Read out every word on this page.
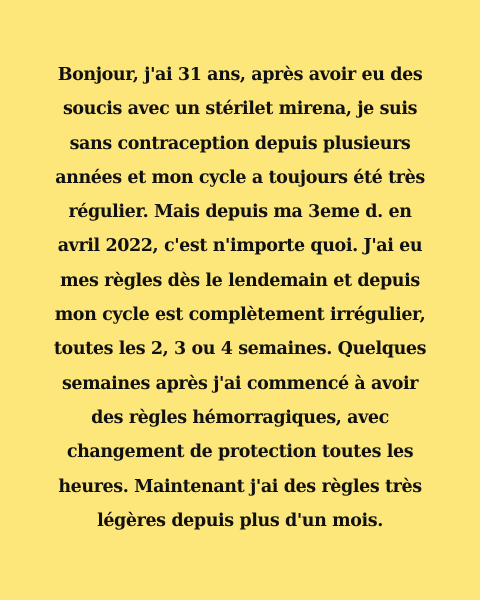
Bonjour, j'ai 31 ans, après avoir eu des
soucis avec un stérilet mirena, je suis
sans contraception depuis plusieurs
années et mon cycle a toujours été très
régulier. Mais depuis ma 3eme d. en
avril 2022, c'est n'importe quoi. J'ai eu
mes règles dès le lendemain et depuis
mon cycle est complètement irrégulier,
toutes les 2, 3 ou 4 semaines. Quelques
semaines après j'ai commencé à avoir
des règles hémorragiques, avec
changement de protection toutes les
heures. Maintenant j'ai des règles très
légères depuis plus d'un mois.
